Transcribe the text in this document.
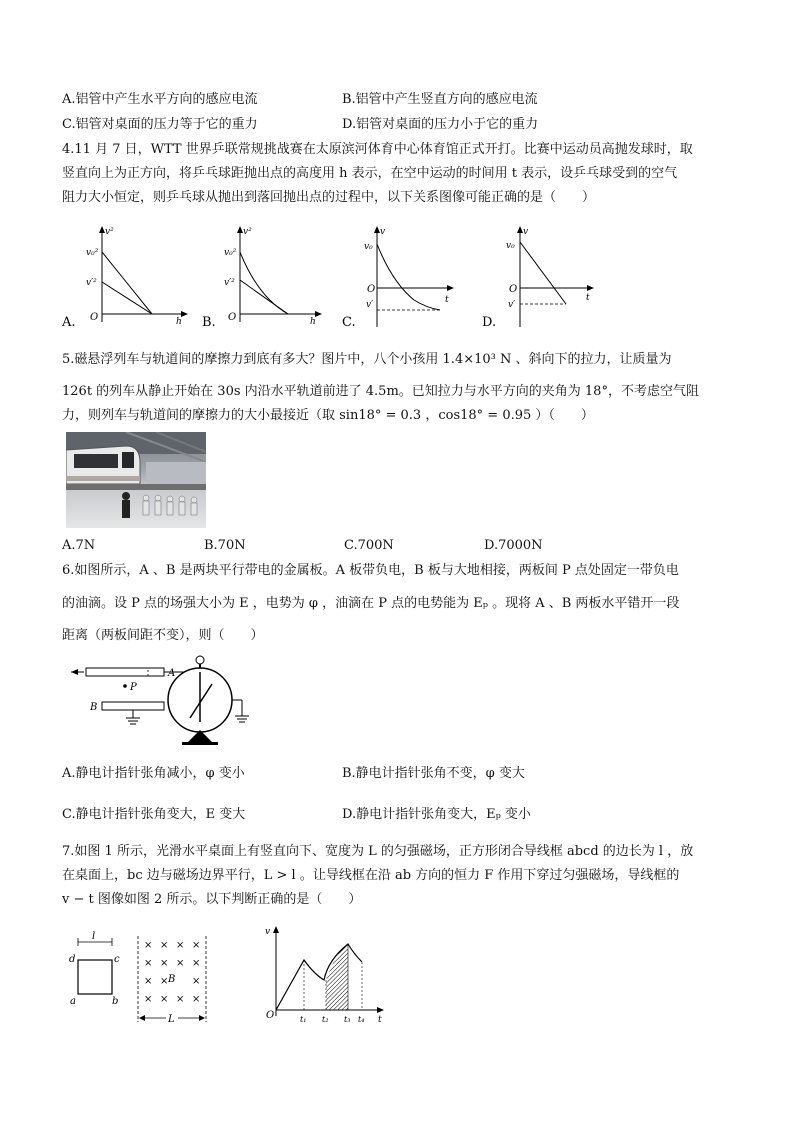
A.铝管中产生水平方向的感应电流	B.铝管中产生竖直方向的感应电流
C.铝管对桌面的压力等于它的重力	D.铝管对桌面的压力小于它的重力
4.11 月 7 日，WTT 世界乒联常规挑战赛在太原滨河体育中心体育馆正式开打。比赛中运动员高抛发球时，取
竖直向上为正方向，将乒乓球距抛出点的高度用 h 表示，在空中运动的时间用 t 表示，设乒乓球受到的空气
阻力大小恒定，则乒乓球从抛出到落回抛出点的过程中，以下关系图像可能正确的是（　　）
v²
v₀²
v′²
O	h
A.
v²
v₀²
v′²
O	h
B.
v
v₀
O
v′	t
C.
v
v₀
O
v′
t
D.
5.磁悬浮列车与轨道间的摩擦力到底有多大？图片中，八个小孩用 1.4×10³ N 、斜向下的拉力，让质量为
126t 的列车从静止开始在 30s 内沿水平轨道前进了 4.5m。已知拉力与水平方向的夹角为 18°，不考虑空气阻
力，则列车与轨道间的摩擦力的大小最接近（取 sin18° = 0.3 ，cos18° = 0.95 ）（　　）
A.7N	B.70N	C.700N	D.7000N
6.如图所示，A 、B 是两块平行带电的金属板。A 板带负电，B 板与大地相接，两板间 P 点处固定一带负电
的油滴。设 P 点的场强大小为 E ，电势为 φ ，油滴在 P 点的电势能为 Eₚ 。现将 A 、B 两板水平错开一段
距离（两板间距不变），则（　　）
A
P
B
A.静电计指针张角减小，φ 变小	B.静电计指针张角不变，φ 变大
C.静电计指针张角变大，E 变大	D.静电计指针张角变大，Eₚ 变小
7.如图 1 所示，光滑水平桌面上有竖直向下、宽度为 L 的匀强磁场，正方形闭合导线框 abcd 的边长为 l ，放
在桌面上，bc 边与磁场边界平行，L > l 。让导线框在沿 ab 方向的恒力 F 作用下穿过匀强磁场，导线框的
v − t 图像如图 2 所示。以下判断正确的是（　　）
l
d	c
a	b
× × × ×
× × × ×
× × ×
× × × ×
B
L
v
O	t₁ t₂ t₃ t₄ t
